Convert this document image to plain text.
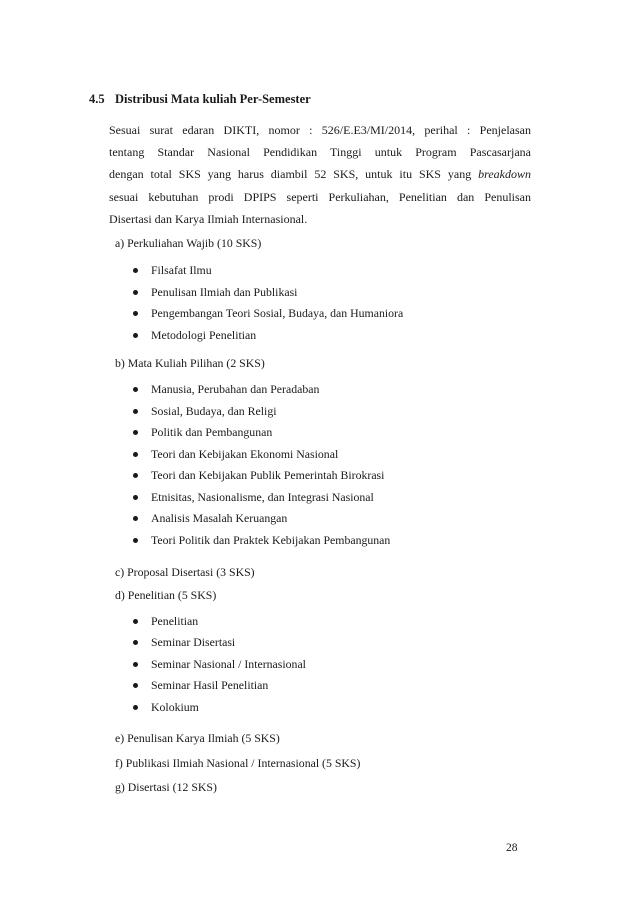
4.5 Distribusi Mata kuliah Per-Semester
Sesuai surat edaran DIKTI, nomor : 526/E.E3/MI/2014, perihal : Penjelasan
tentang Standar Nasional Pendidikan Tinggi untuk Program Pascasarjana
dengan total SKS yang harus diambil 52 SKS, untuk itu SKS yang breakdown
sesuai kebutuhan prodi DPIPS seperti Perkuliahan, Penelitian dan Penulisan
Disertasi dan Karya Ilmiah Internasional.
a) Perkuliahan Wajib (10 SKS)
Filsafat Ilmu
Penulisan Ilmiah dan Publikasi
Pengembangan Teori Sosial, Budaya, dan Humaniora
Metodologi Penelitian
b) Mata Kuliah Pilihan (2 SKS)
Manusia, Perubahan dan Peradaban
Sosial, Budaya, dan Religi
Politik dan Pembangunan
Teori dan Kebijakan Ekonomi Nasional
Teori dan Kebijakan Publik Pemerintah Birokrasi
Etnisitas, Nasionalisme, dan Integrasi Nasional
Analisis Masalah Keruangan
Teori Politik dan Praktek Kebijakan Pembangunan
c) Proposal Disertasi (3 SKS)
d) Penelitian (5 SKS)
Penelitian
Seminar Disertasi
Seminar Nasional / Internasional
Seminar Hasil Penelitian
Kolokium
e) Penulisan Karya Ilmiah (5 SKS)
f) Publikasi Ilmiah Nasional / Internasional (5 SKS)
g) Disertasi (12 SKS)
28
